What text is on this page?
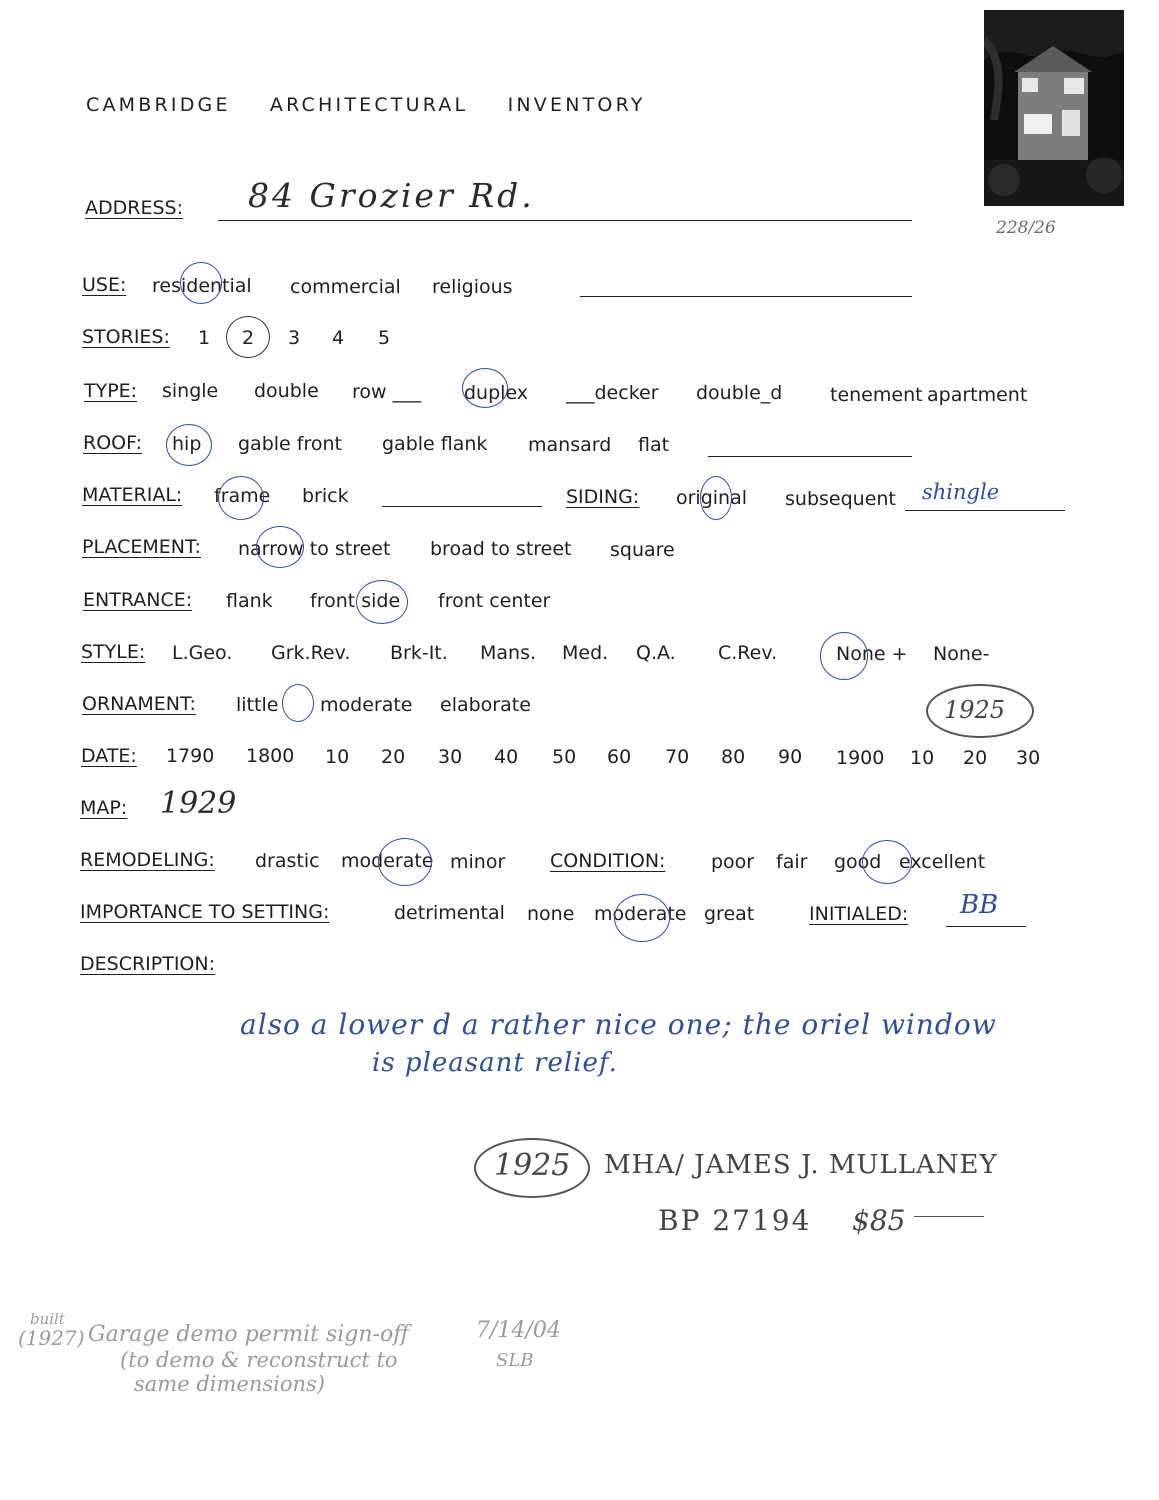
CAMBRIDGE ARCHITECTURAL INVENTORY
228/26
ADDRESS: 84 Grozier Rd.
USE: residential commercial religious
STORIES: 1 2 3 4 5
TYPE: single double row ___ duplex ___decker double_d	tenement apartment
ROOF: hip gable front gable flank mansard flat
MATERIAL: frame brick	SIDING: original subsequent shingle
PLACEMENT: narrow to street broad to street square
ENTRANCE: flank front side front center
STYLE: L.Geo. Grk.Rev. Brk-It. Mans. Med. Q.A. C.Rev.	None + None-
ORNAMENT: little moderate elaborate
DATE: 1790 1800 10 20 30 40 50 60 70 80 90 1900 10 20 30
1925
MAP: 1929
REMODELING: drastic moderate minor CONDITION: poor fair good excellent
IMPORTANCE TO SETTING:	detrimental none moderate great	INITIALED: BB
DESCRIPTION:
also a lower d a rather nice one; the oriel window
is pleasant relief.
1925 MHA/ JAMES J. MULLANEY
BP 27194 $85
built
(1927) Garage demo permit sign-off
(to demo & reconstruct to
same dimensions)
7/14/04
SLB
